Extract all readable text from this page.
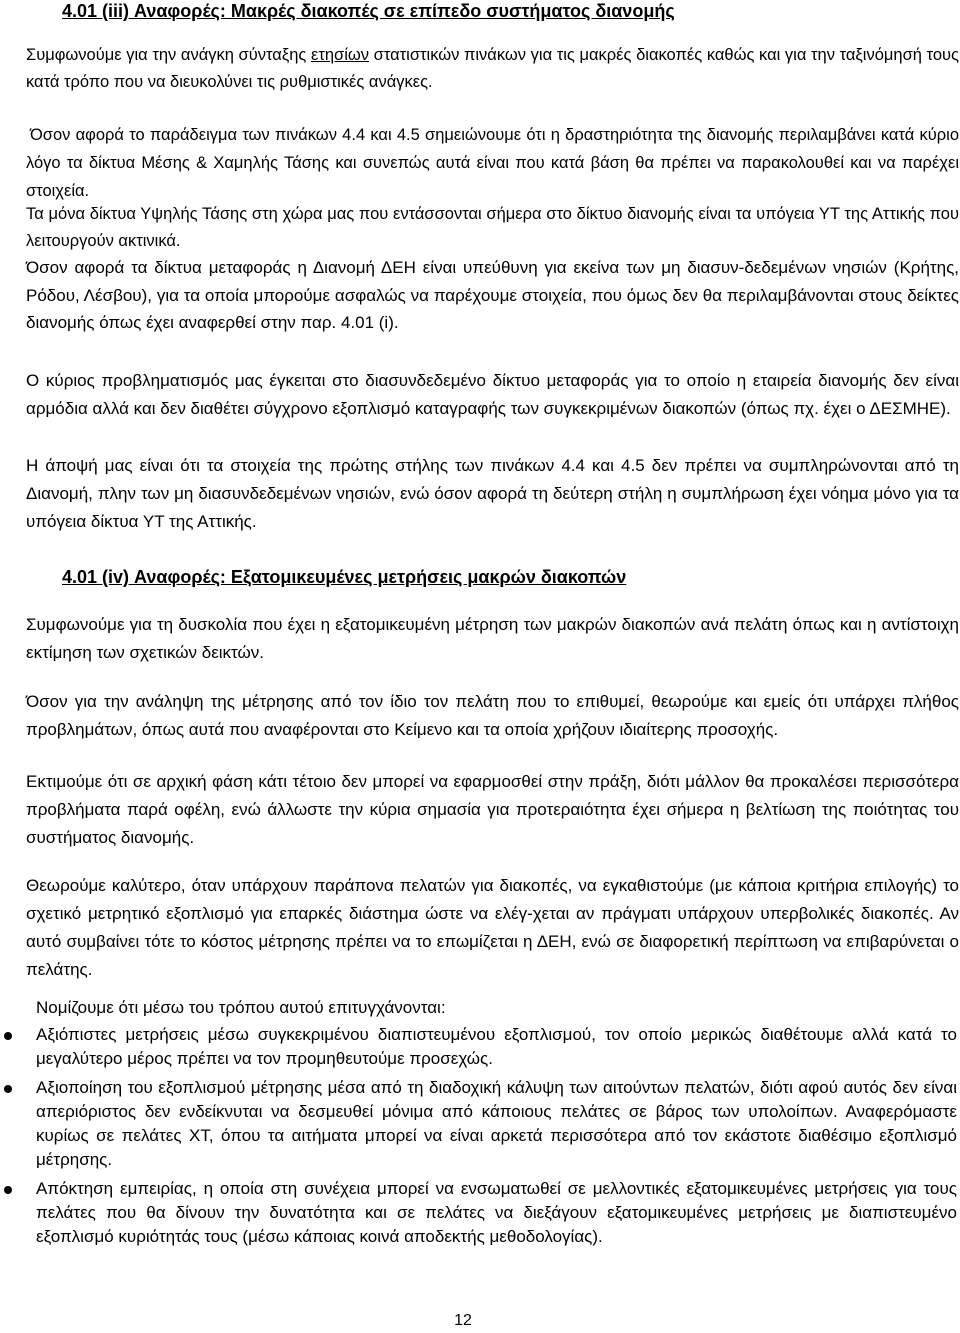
4.01 (iii) Αναφορές: Μακρές διακοπές σε επίπεδο συστήματος διανομής

Συμφωνούμε για την ανάγκη σύνταξης ετησίων στατιστικών πινάκων για τις μακρές διακοπές καθώς και για την ταξινόμησή τους κατά τρόπο που να διευκολύνει τις ρυθμιστικές ανάγκες.

Όσον αφορά το παράδειγμα των πινάκων 4.4 και 4.5 σημειώνουμε ότι η δραστηριότητα της διανομής περιλαμβάνει κατά κύριο λόγο τα δίκτυα Μέσης & Χαμηλής Τάσης και συνεπώς αυτά είναι που κατά βάση θα πρέπει να παρακολουθεί και να παρέχει στοιχεία.

Τα μόνα δίκτυα Υψηλής Τάσης στη χώρα μας που εντάσσονται σήμερα στο δίκτυο διανομής είναι τα υπόγεια ΥΤ της Αττικής που λειτουργούν ακτινικά.

Όσον αφορά τα δίκτυα μεταφοράς η Διανομή ΔΕΗ είναι υπεύθυνη για εκείνα των μη διασυν-δεδεμένων νησιών (Κρήτης, Ρόδου, Λέσβου), για τα οποία μπορούμε ασφαλώς να παρέχουμε στοιχεία, που όμως δεν θα περιλαμβάνονται στους δείκτες διανομής όπως έχει αναφερθεί στην παρ. 4.01 (i).

Ο κύριος προβληματισμός μας έγκειται στο διασυνδεδεμένο δίκτυο μεταφοράς για το οποίο η εταιρεία διανομής δεν είναι αρμόδια αλλά και δεν διαθέτει σύγχρονο εξοπλισμό καταγραφής των συγκεκριμένων διακοπών (όπως πχ. έχει ο ΔΕΣΜΗΕ).

Η άποψή μας είναι ότι τα στοιχεία της πρώτης στήλης των πινάκων 4.4 και 4.5 δεν πρέπει να συμπληρώνονται από τη Διανομή, πλην των μη διασυνδεδεμένων νησιών, ενώ όσον αφορά τη δεύτερη στήλη η συμπλήρωση έχει νόημα μόνο για τα υπόγεια δίκτυα ΥΤ της Αττικής.

4.01 (iv) Αναφορές: Εξατομικευμένες μετρήσεις μακρών διακοπών

Συμφωνούμε για τη δυσκολία που έχει η εξατομικευμένη μέτρηση των μακρών διακοπών ανά πελάτη όπως και η αντίστοιχη εκτίμηση των σχετικών δεικτών.

Όσον για την ανάληψη της μέτρησης από τον ίδιο τον πελάτη που το επιθυμεί, θεωρούμε και εμείς ότι υπάρχει πλήθος προβλημάτων, όπως αυτά που αναφέρονται στο Κείμενο και τα οποία χρήζουν ιδιαίτερης προσοχής.

Εκτιμούμε ότι σε αρχική φάση κάτι τέτοιο δεν μπορεί να εφαρμοσθεί στην πράξη, διότι μάλλον θα προκαλέσει περισσότερα προβλήματα παρά οφέλη, ενώ άλλωστε την κύρια σημασία για προτεραιότητα έχει σήμερα η βελτίωση της ποιότητας του συστήματος διανομής.

Θεωρούμε καλύτερο, όταν υπάρχουν παράπονα πελατών για διακοπές, να εγκαθιστούμε (με κάποια κριτήρια επιλογής) το σχετικό μετρητικό εξοπλισμό για επαρκές διάστημα ώστε να ελέγ-χεται αν πράγματι υπάρχουν υπερβολικές διακοπές. Αν αυτό συμβαίνει τότε το κόστος μέτρησης πρέπει να το επωμίζεται η ΔΕΗ, ενώ σε διαφορετική περίπτωση να επιβαρύνεται ο πελάτης.

Νομίζουμε ότι μέσω του τρόπου αυτού επιτυγχάνονται:

Αξιόπιστες μετρήσεις μέσω συγκεκριμένου διαπιστευμένου εξοπλισμού, τον οποίο μερικώς διαθέτουμε αλλά κατά το μεγαλύτερο μέρος πρέπει να τον προμηθευτούμε προσεχώς.
Αξιοποίηση του εξοπλισμού μέτρησης μέσα από τη διαδοχική κάλυψη των αιτούντων πελατών, διότι αφού αυτός δεν είναι απεριόριστος δεν ενδείκνυται να δεσμευθεί μόνιμα από κάποιους πελάτες σε βάρος των υπολοίπων. Αναφερόμαστε κυρίως σε πελάτες ΧΤ, όπου τα αιτήματα μπορεί να είναι αρκετά περισσότερα από τον εκάστοτε διαθέσιμο εξοπλισμό μέτρησης.
Απόκτηση εμπειρίας, η οποία στη συνέχεια μπορεί να ενσωματωθεί σε μελλοντικές εξατομικευμένες μετρήσεις για τους πελάτες που θα δίνουν την δυνατότητα και σε πελάτες να διεξάγουν εξατομικευμένες μετρήσεις με διαπιστευμένο εξοπλισμό κυριότητάς τους (μέσω κάποιας κοινά αποδεκτής μεθοδολογίας).
12
